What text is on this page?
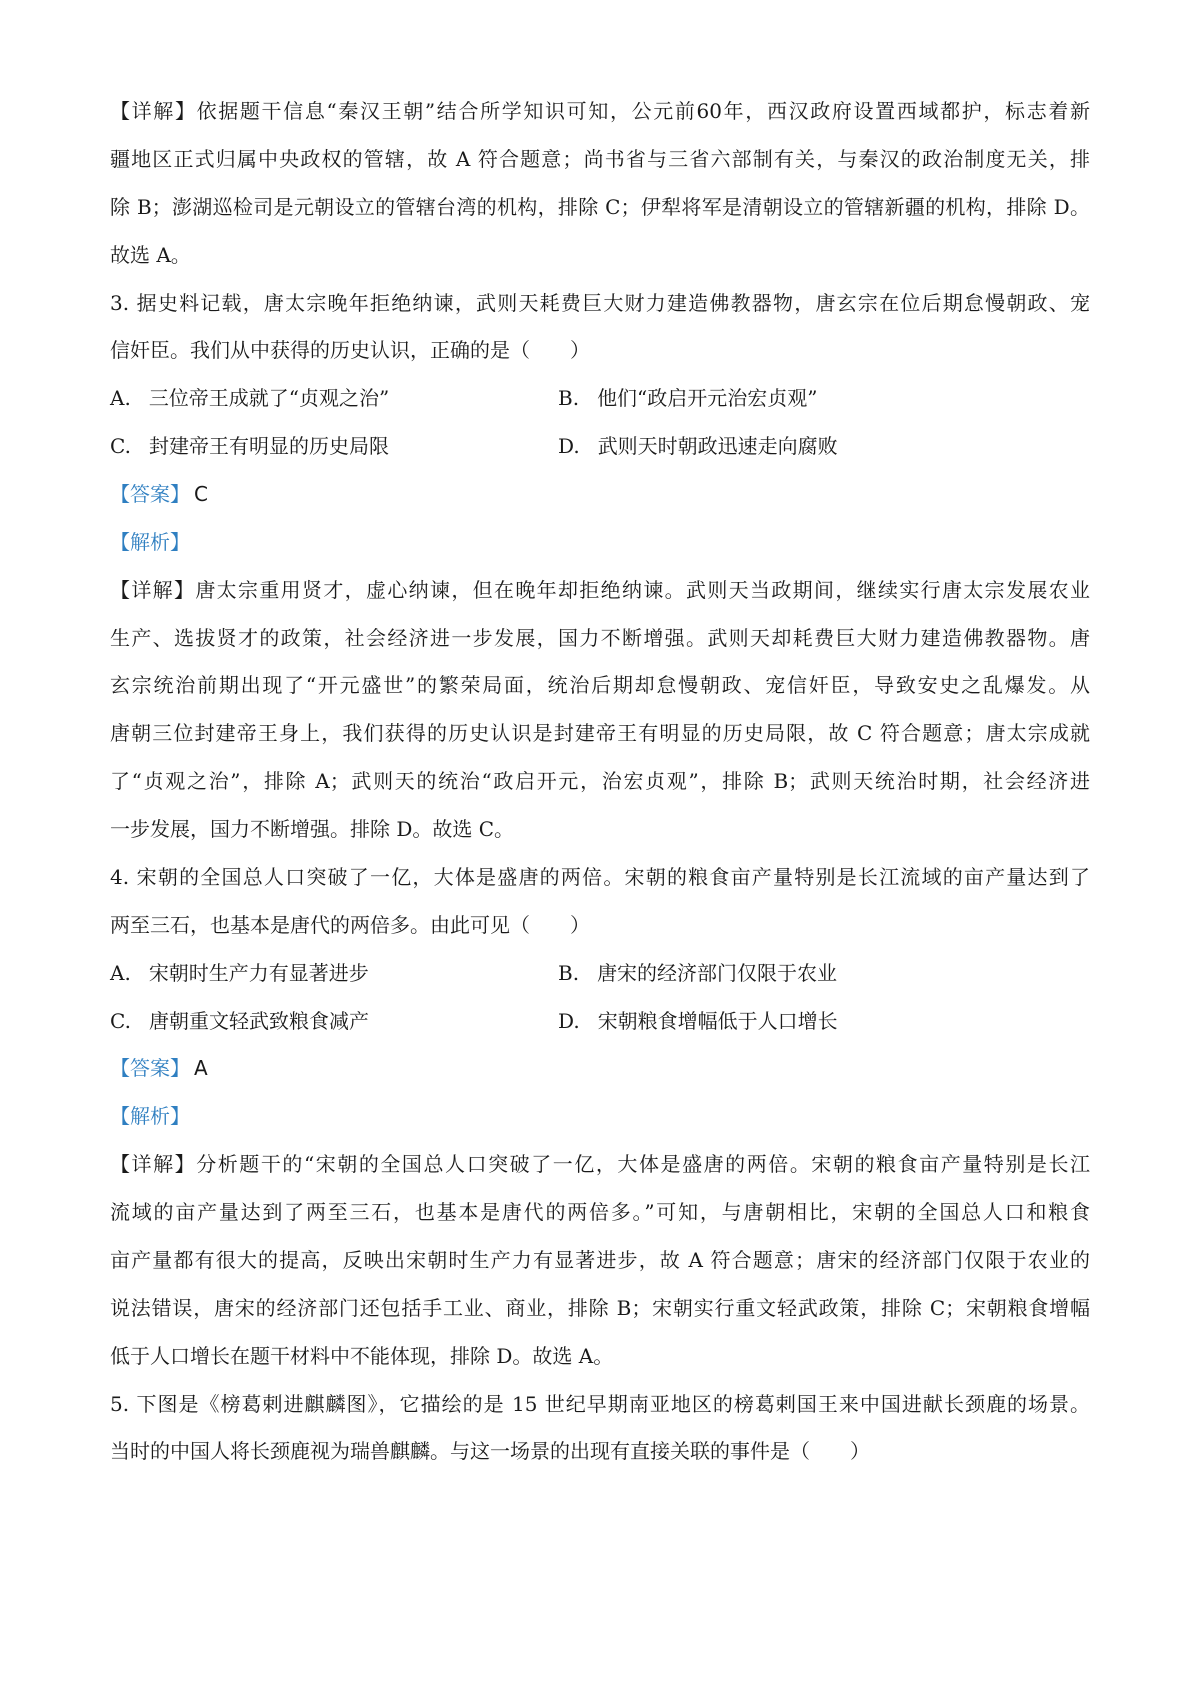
【详解】依据题干信息“秦汉王朝”结合所学知识可知，公元前60年，西汉政府设置西域都护，标志着新
疆地区正式归属中央政权的管辖，故 A 符合题意；尚书省与三省六部制有关，与秦汉的政治制度无关，排
除 B；澎湖巡检司是元朝设立的管辖台湾的机构，排除 C；伊犁将军是清朝设立的管辖新疆的机构，排除 D。
故选 A。
3. 据史料记载，唐太宗晚年拒绝纳谏，武则天耗费巨大财力建造佛教器物，唐玄宗在位后期怠慢朝政、宠
信奸臣。我们从中获得的历史认识，正确的是（　　）
A. 三位帝王成就了“贞观之治”	B. 他们“政启开元治宏贞观”
C. 封建帝王有明显的历史局限	D. 武则天时朝政迅速走向腐败
【答案】 C
【解析】
【详解】唐太宗重用贤才，虚心纳谏，但在晚年却拒绝纳谏。武则天当政期间，继续实行唐太宗发展农业
生产、选拔贤才的政策，社会经济进一步发展，国力不断增强。武则天却耗费巨大财力建造佛教器物。唐
玄宗统治前期出现了“开元盛世”的繁荣局面，统治后期却怠慢朝政、宠信奸臣，导致安史之乱爆发。从
唐朝三位封建帝王身上，我们获得的历史认识是封建帝王有明显的历史局限，故 C 符合题意；唐太宗成就
了“贞观之治”，排除 A；武则天的统治“政启开元，治宏贞观”，排除 B；武则天统治时期，社会经济进
一步发展，国力不断增强。排除 D。故选 C。
4. 宋朝的全国总人口突破了一亿，大体是盛唐的两倍。宋朝的粮食亩产量特别是长江流域的亩产量达到了
两至三石，也基本是唐代的两倍多。由此可见（　　）
A. 宋朝时生产力有显著进步	B. 唐宋的经济部门仅限于农业
C. 唐朝重文轻武致粮食减产	D. 宋朝粮食增幅低于人口增长
【答案】 A
【解析】
【详解】分析题干的“宋朝的全国总人口突破了一亿，大体是盛唐的两倍。宋朝的粮食亩产量特别是长江
流域的亩产量达到了两至三石，也基本是唐代的两倍多。”可知，与唐朝相比，宋朝的全国总人口和粮食
亩产量都有很大的提高，反映出宋朝时生产力有显著进步，故 A 符合题意；唐宋的经济部门仅限于农业的
说法错误，唐宋的经济部门还包括手工业、商业，排除 B；宋朝实行重文轻武政策，排除 C；宋朝粮食增幅
低于人口增长在题干材料中不能体现，排除 D。故选 A。
5. 下图是《榜葛剌进麒麟图》，它描绘的是 15 世纪早期南亚地区的榜葛剌国王来中国进献长颈鹿的场景。
当时的中国人将长颈鹿视为瑞兽麒麟。与这一场景的出现有直接关联的事件是（　　）
